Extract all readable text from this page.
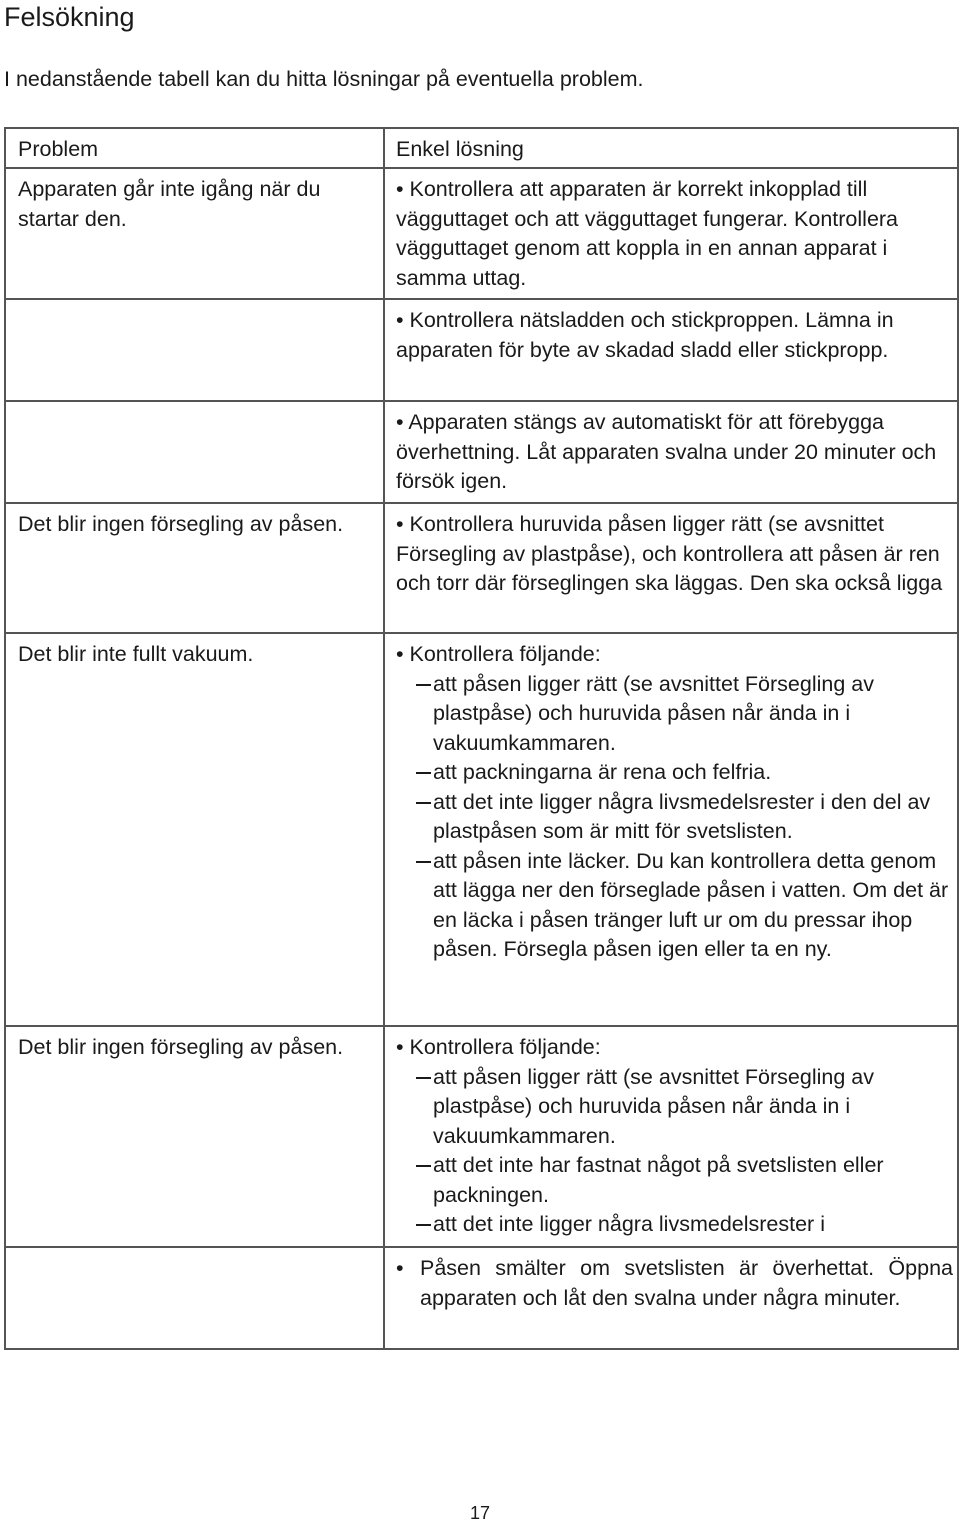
Felsökning
I nedanstående tabell kan du hitta lösningar på eventuella problem.
Problem	Enkel lösning

Apparaten går inte igång när du startar den.	• Kontrollera att apparaten är korrekt inkopplad till vägguttaget och att vägguttaget fungerar. Kontrollera vägguttaget genom att koppla in en annan apparat i samma uttag.

	• Kontrollera nätsladden och stickproppen. Lämna in apparaten för byte av skadad sladd eller stickpropp.

	• Apparaten stängs av automatiskt för att förebygga överhettning. Låt apparaten svalna under 20 minuter och försök igen.

Det blir ingen försegling av påsen.	• Kontrollera huruvida påsen ligger rätt (se avsnittet Försegling av plastpåse), och kontrollera att påsen är ren och torr där förseglingen ska läggas. Den ska också ligga

Det blir inte fullt vakuum.	• Kontrollera följande:
att påsen ligger rätt (se avsnittet Försegling av plastpåse) och huruvida påsen når ända in i vakuumkammaren.
att packningarna är rena och felfria.
att det inte ligger några livsmedelsrester i den del av plastpåsen som är mitt för svetslisten.
att påsen inte läcker. Du kan kontrollera detta genom att lägga ner den förseglade påsen i vatten. Om det är en läcka i påsen tränger luft ur om du pressar ihop påsen. Försegla påsen igen eller ta en ny.

Det blir ingen försegling av påsen.	• Kontrollera följande:
att påsen ligger rätt (se avsnittet Försegling av plastpåse) och huruvida påsen når ända in i vakuumkammaren.
att det inte har fastnat något på svetslisten eller packningen.
att det inte ligger några livsmedelsrester i

	• Påsen smälter om svetslisten är överhettat. Öppna apparaten och låt den svalna under några minuter.
17
